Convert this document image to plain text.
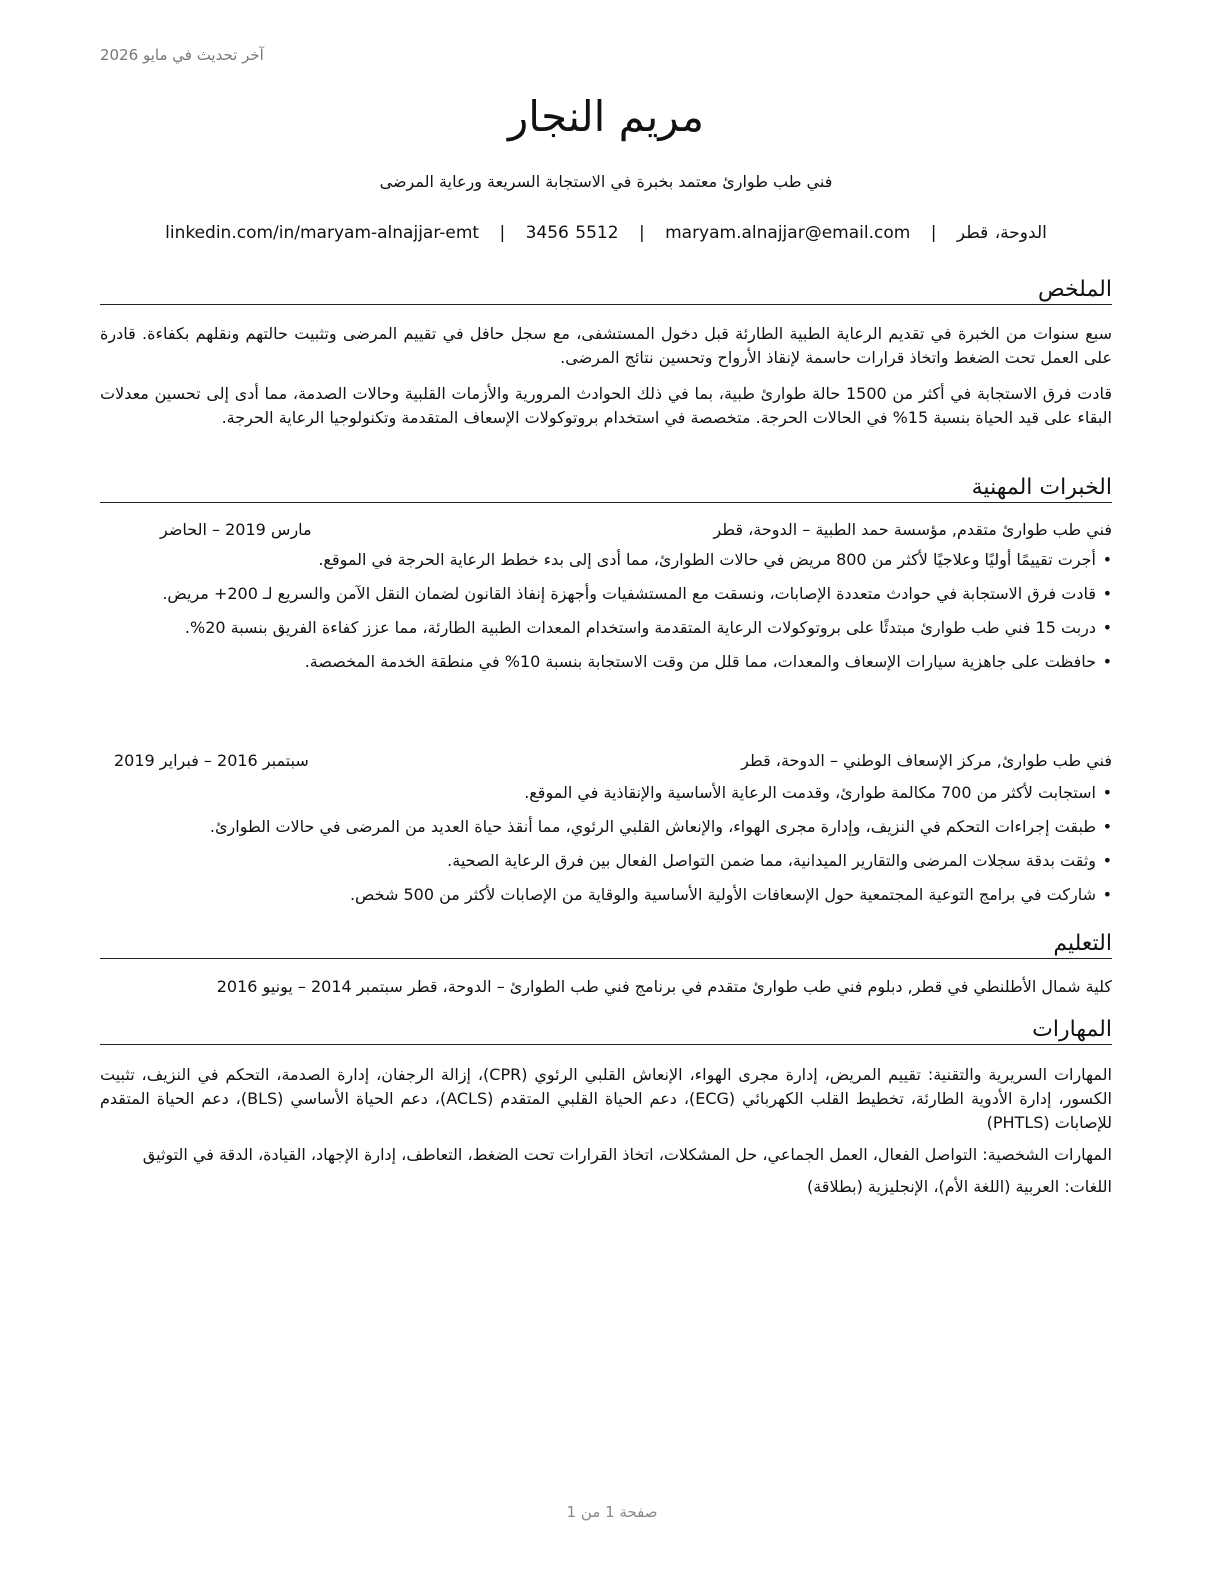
آخر تحديث في مايو 2026
مريم النجار
فني طب طوارئ معتمد بخبرة في الاستجابة السريعة ورعاية المرضى
الدوحة، قطر | maryam.alnajjar@email.com | 3456 5512 | linkedin.com/in/maryam-alnajjar-emt
الملخص
سبع سنوات من الخبرة في تقديم الرعاية الطبية الطارئة قبل دخول المستشفى، مع سجل حافل في تقييم المرضى وتثبيت حالتهم ونقلهم بكفاءة. قادرة على العمل تحت الضغط واتخاذ قرارات حاسمة لإنقاذ الأرواح وتحسين نتائج المرضى.
قادت فرق الاستجابة في أكثر من 1500 حالة طوارئ طبية، بما في ذلك الحوادث المرورية والأزمات القلبية وحالات الصدمة، مما أدى إلى تحسين معدلات البقاء على قيد الحياة بنسبة 15% في الحالات الحرجة. متخصصة في استخدام بروتوكولات الإسعاف المتقدمة وتكنولوجيا الرعاية الحرجة.
الخبرات المهنية
فني طب طوارئ متقدم, مؤسسة حمد الطبية – الدوحة، قطر
مارس 2019 – الحاضر
• أجرت تقييمًا أوليًا وعلاجيًا لأكثر من 800 مريض في حالات الطوارئ، مما أدى إلى بدء خطط الرعاية الحرجة في الموقع.
• قادت فرق الاستجابة في حوادث متعددة الإصابات، ونسقت مع المستشفيات وأجهزة إنفاذ القانون لضمان النقل الآمن والسريع لـ 200+ مريض.
• دربت 15 فني طب طوارئ مبتدئًا على بروتوكولات الرعاية المتقدمة واستخدام المعدات الطبية الطارئة، مما عزز كفاءة الفريق بنسبة 20%.
• حافظت على جاهزية سيارات الإسعاف والمعدات، مما قلل من وقت الاستجابة بنسبة 10% في منطقة الخدمة المخصصة.
فني طب طوارئ, مركز الإسعاف الوطني – الدوحة، قطر
سبتمبر 2016 – فبراير 2019
• استجابت لأكثر من 700 مكالمة طوارئ، وقدمت الرعاية الأساسية والإنقاذية في الموقع.
• طبقت إجراءات التحكم في النزيف، وإدارة مجرى الهواء، والإنعاش القلبي الرئوي، مما أنقذ حياة العديد من المرضى في حالات الطوارئ.
• وثقت بدقة سجلات المرضى والتقارير الميدانية، مما ضمن التواصل الفعال بين فرق الرعاية الصحية.
• شاركت في برامج التوعية المجتمعية حول الإسعافات الأولية الأساسية والوقاية من الإصابات لأكثر من 500 شخص.
التعليم
كلية شمال الأطلنطي في قطر, دبلوم فني طب طوارئ متقدم في برنامج فني طب الطوارئ – الدوحة، قطر سبتمبر 2014 – يونيو 2016
المهارات

المهارات السريرية والتقنية: تقييم المريض، إدارة مجرى الهواء، الإنعاش القلبي الرئوي (CPR)، إزالة الرجفان، إدارة الصدمة، التحكم في النزيف، تثبيت الكسور، إدارة الأدوية الطارئة، تخطيط القلب الكهربائي (ECG)، دعم الحياة القلبي المتقدم (ACLS)، دعم الحياة الأساسي (BLS)، دعم الحياة المتقدم للإصابات (PHTLS)

المهارات الشخصية: التواصل الفعال، العمل الجماعي، حل المشكلات، اتخاذ القرارات تحت الضغط، التعاطف، إدارة الإجهاد، القيادة، الدقة في التوثيق

اللغات: العربية (اللغة الأم)، الإنجليزية (بطلاقة)

صفحة 1 من 1
